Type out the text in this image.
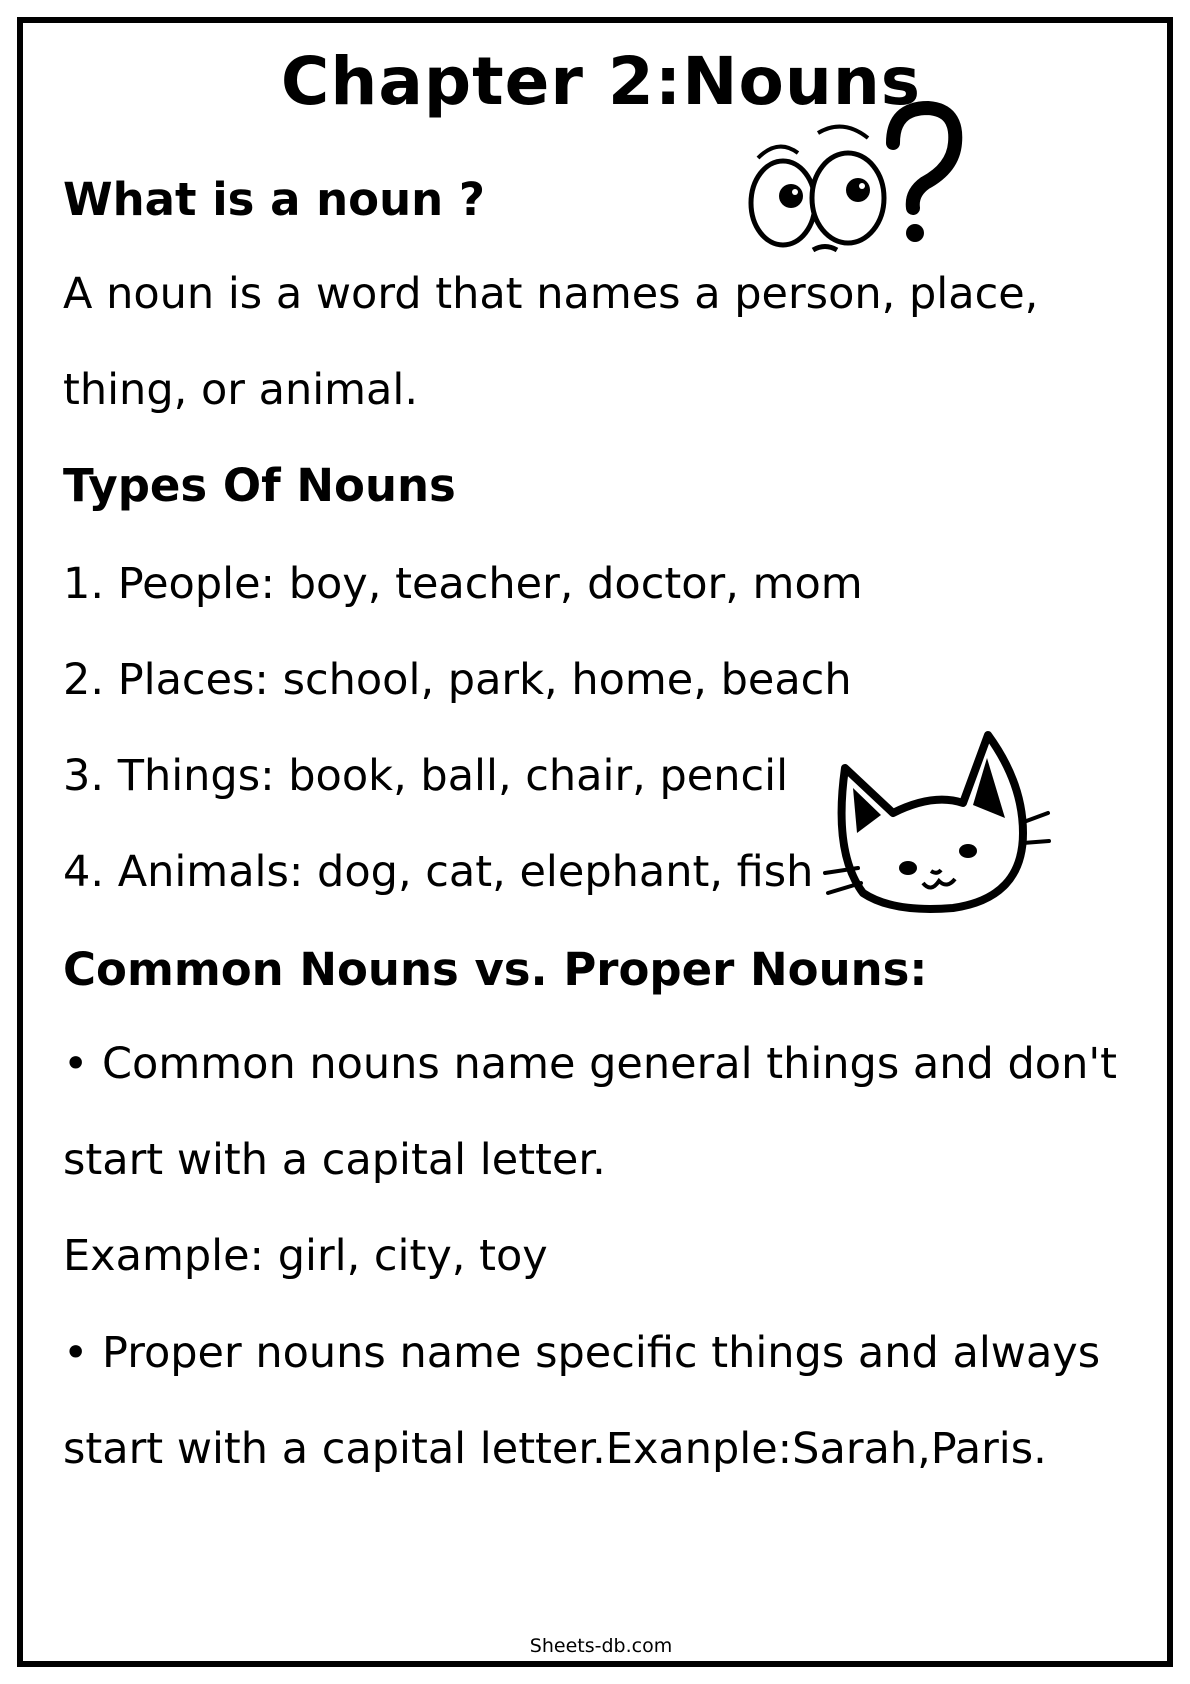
Chapter 2:Nouns
What is a noun ?
A noun is a word that names a person, place,
thing, or animal.
Types Of Nouns
1. People: boy, teacher, doctor, mom
2. Places: school, park, home, beach
3. Things: book, ball, chair, pencil
4. Animals: dog, cat, elephant, fish
Common Nouns vs. Proper Nouns:
• Common nouns name general things and don't
start with a capital letter.
Example: girl, city, toy
• Proper nouns name specific things and always
start with a capital letter.Exanple:Sarah,Paris.
Sheets-db.com
